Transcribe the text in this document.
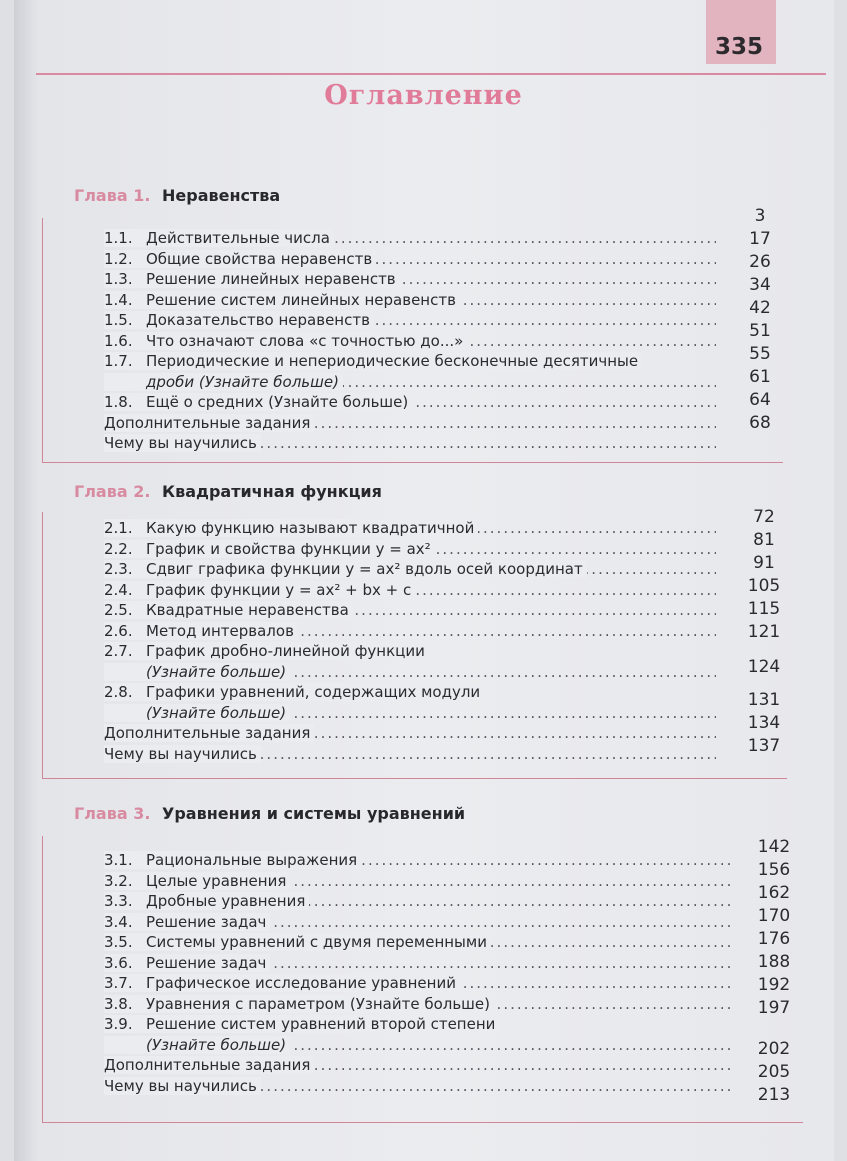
335
Оглавление
Глава 1. Неравенства
1.1. Действительные числа .....
1.2. Общие свойства неравенств .....
1.3. Решение линейных неравенств .....
1.4. Решение систем линейных неравенств .....
1.5. Доказательство неравенств .....
1.6. Что означают слова «с точностью до...» .....
1.7. Периодические и непериодические бесконечные десятичные
дроби (Узнайте больше) .....
1.8. Ещё о средних (Узнайте больше) .....
Дополнительные задания .....
Чему вы научились .....
3
17
26
34
42
51
55
61
64
68
Глава 2. Квадратичная функция
2.1. Какую функцию называют квадратичной .....
2.2. График и свойства функции y = ax² .....
2.3. Сдвиг графика функции y = ax² вдоль осей координат .....
2.4. График функции y = ax² + bx + c .....
2.5. Квадратные неравенства .....
2.6. Метод интервалов .....
2.7. График дробно-линейной функции
(Узнайте больше) .....
2.8. Графики уравнений, содержащих модули
(Узнайте больше) .....
Дополнительные задания .....
Чему вы научились .....
72
81
91
105
115
121
124
131
134
137
Глава 3. Уравнения и системы уравнений
3.1. Рациональные выражения .....
3.2. Целые уравнения .....
3.3. Дробные уравнения .....
3.4. Решение задач .....
3.5. Системы уравнений с двумя переменными .....
3.6. Решение задач .....
3.7. Графическое исследование уравнений .....
3.8. Уравнения с параметром (Узнайте больше) .....
3.9. Решение систем уравнений второй степени
(Узнайте больше) .....
Дополнительные задания .....
Чему вы научились .....
142
156
162
170
176
188
192
197
202
205
213
